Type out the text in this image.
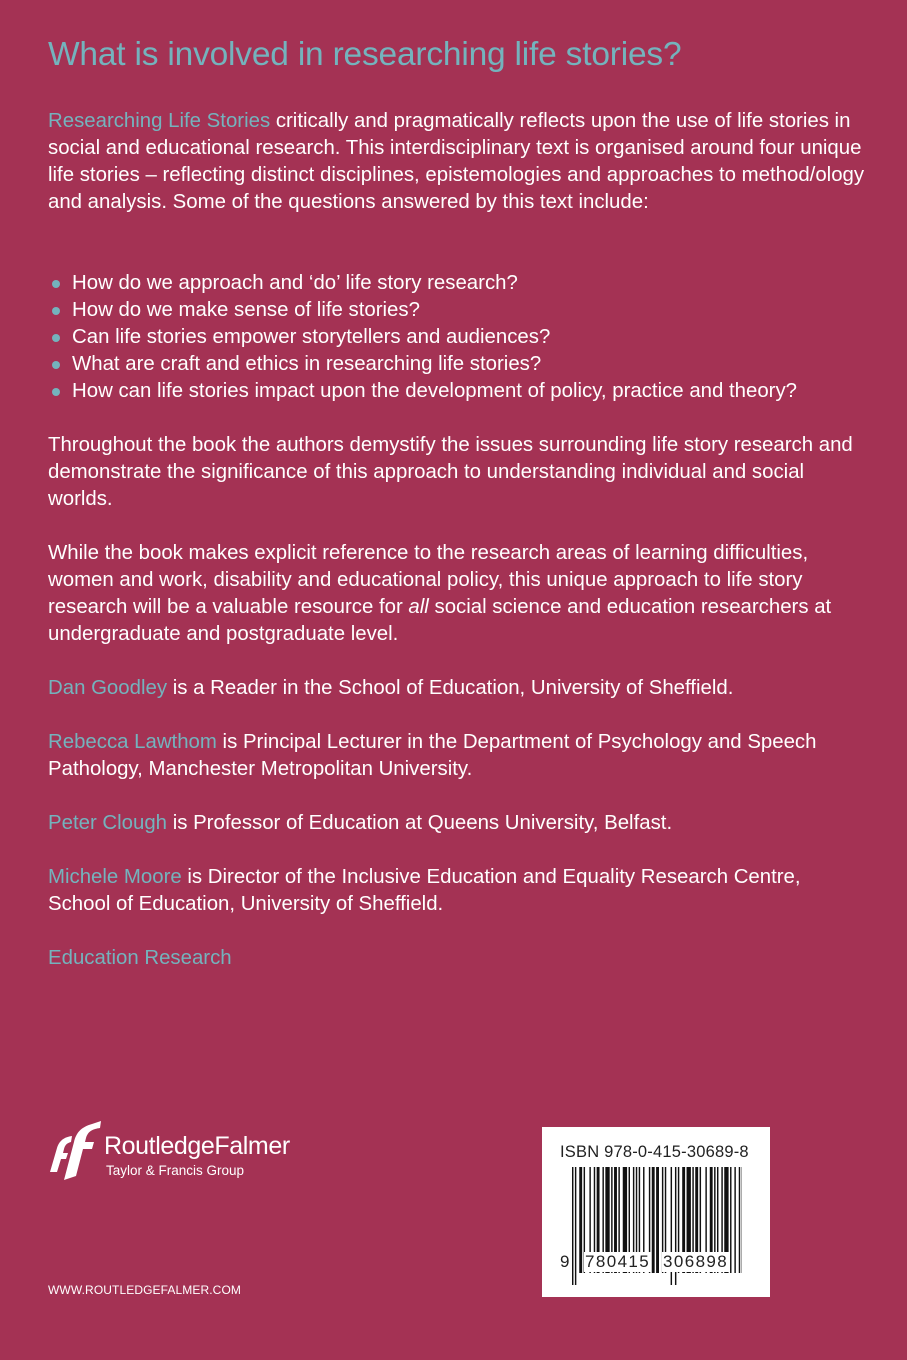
What is involved in researching life stories?

Researching Life Stories critically and pragmatically reflects upon the use of life stories in social and educational research. This interdisciplinary text is organised around four unique life stories – reflecting distinct disciplines, epistemologies and approaches to method/ology and analysis. Some of the questions answered by this text include:

How do we approach and ‘do’ life story research?
How do we make sense of life stories?
Can life stories empower storytellers and audiences?
What are craft and ethics in researching life stories?
How can life stories impact upon the development of policy, practice and theory?

Throughout the book the authors demystify the issues surrounding life story research and demonstrate the significance of this approach to understanding individual and social worlds.

While the book makes explicit reference to the research areas of learning difficulties, women and work, disability and educational policy, this unique approach to life story research will be a valuable resource for all social science and education researchers at undergraduate and postgraduate level.

Dan Goodley is a Reader in the School of Education, University of Sheffield.

Rebecca Lawthom is Principal Lecturer in the Department of Psychology and Speech Pathology, Manchester Metropolitan University.

Peter Clough is Professor of Education at Queens University, Belfast.

Michele Moore is Director of the Inclusive Education and Equality Research Centre, School of Education, University of Sheffield.

Education Research

RoutledgeFalmer
Taylor & Francis Group
WWW.ROUTLEDGEFALMER.COM
ISBN 978-0-415-30689-8
9 780415 306898
